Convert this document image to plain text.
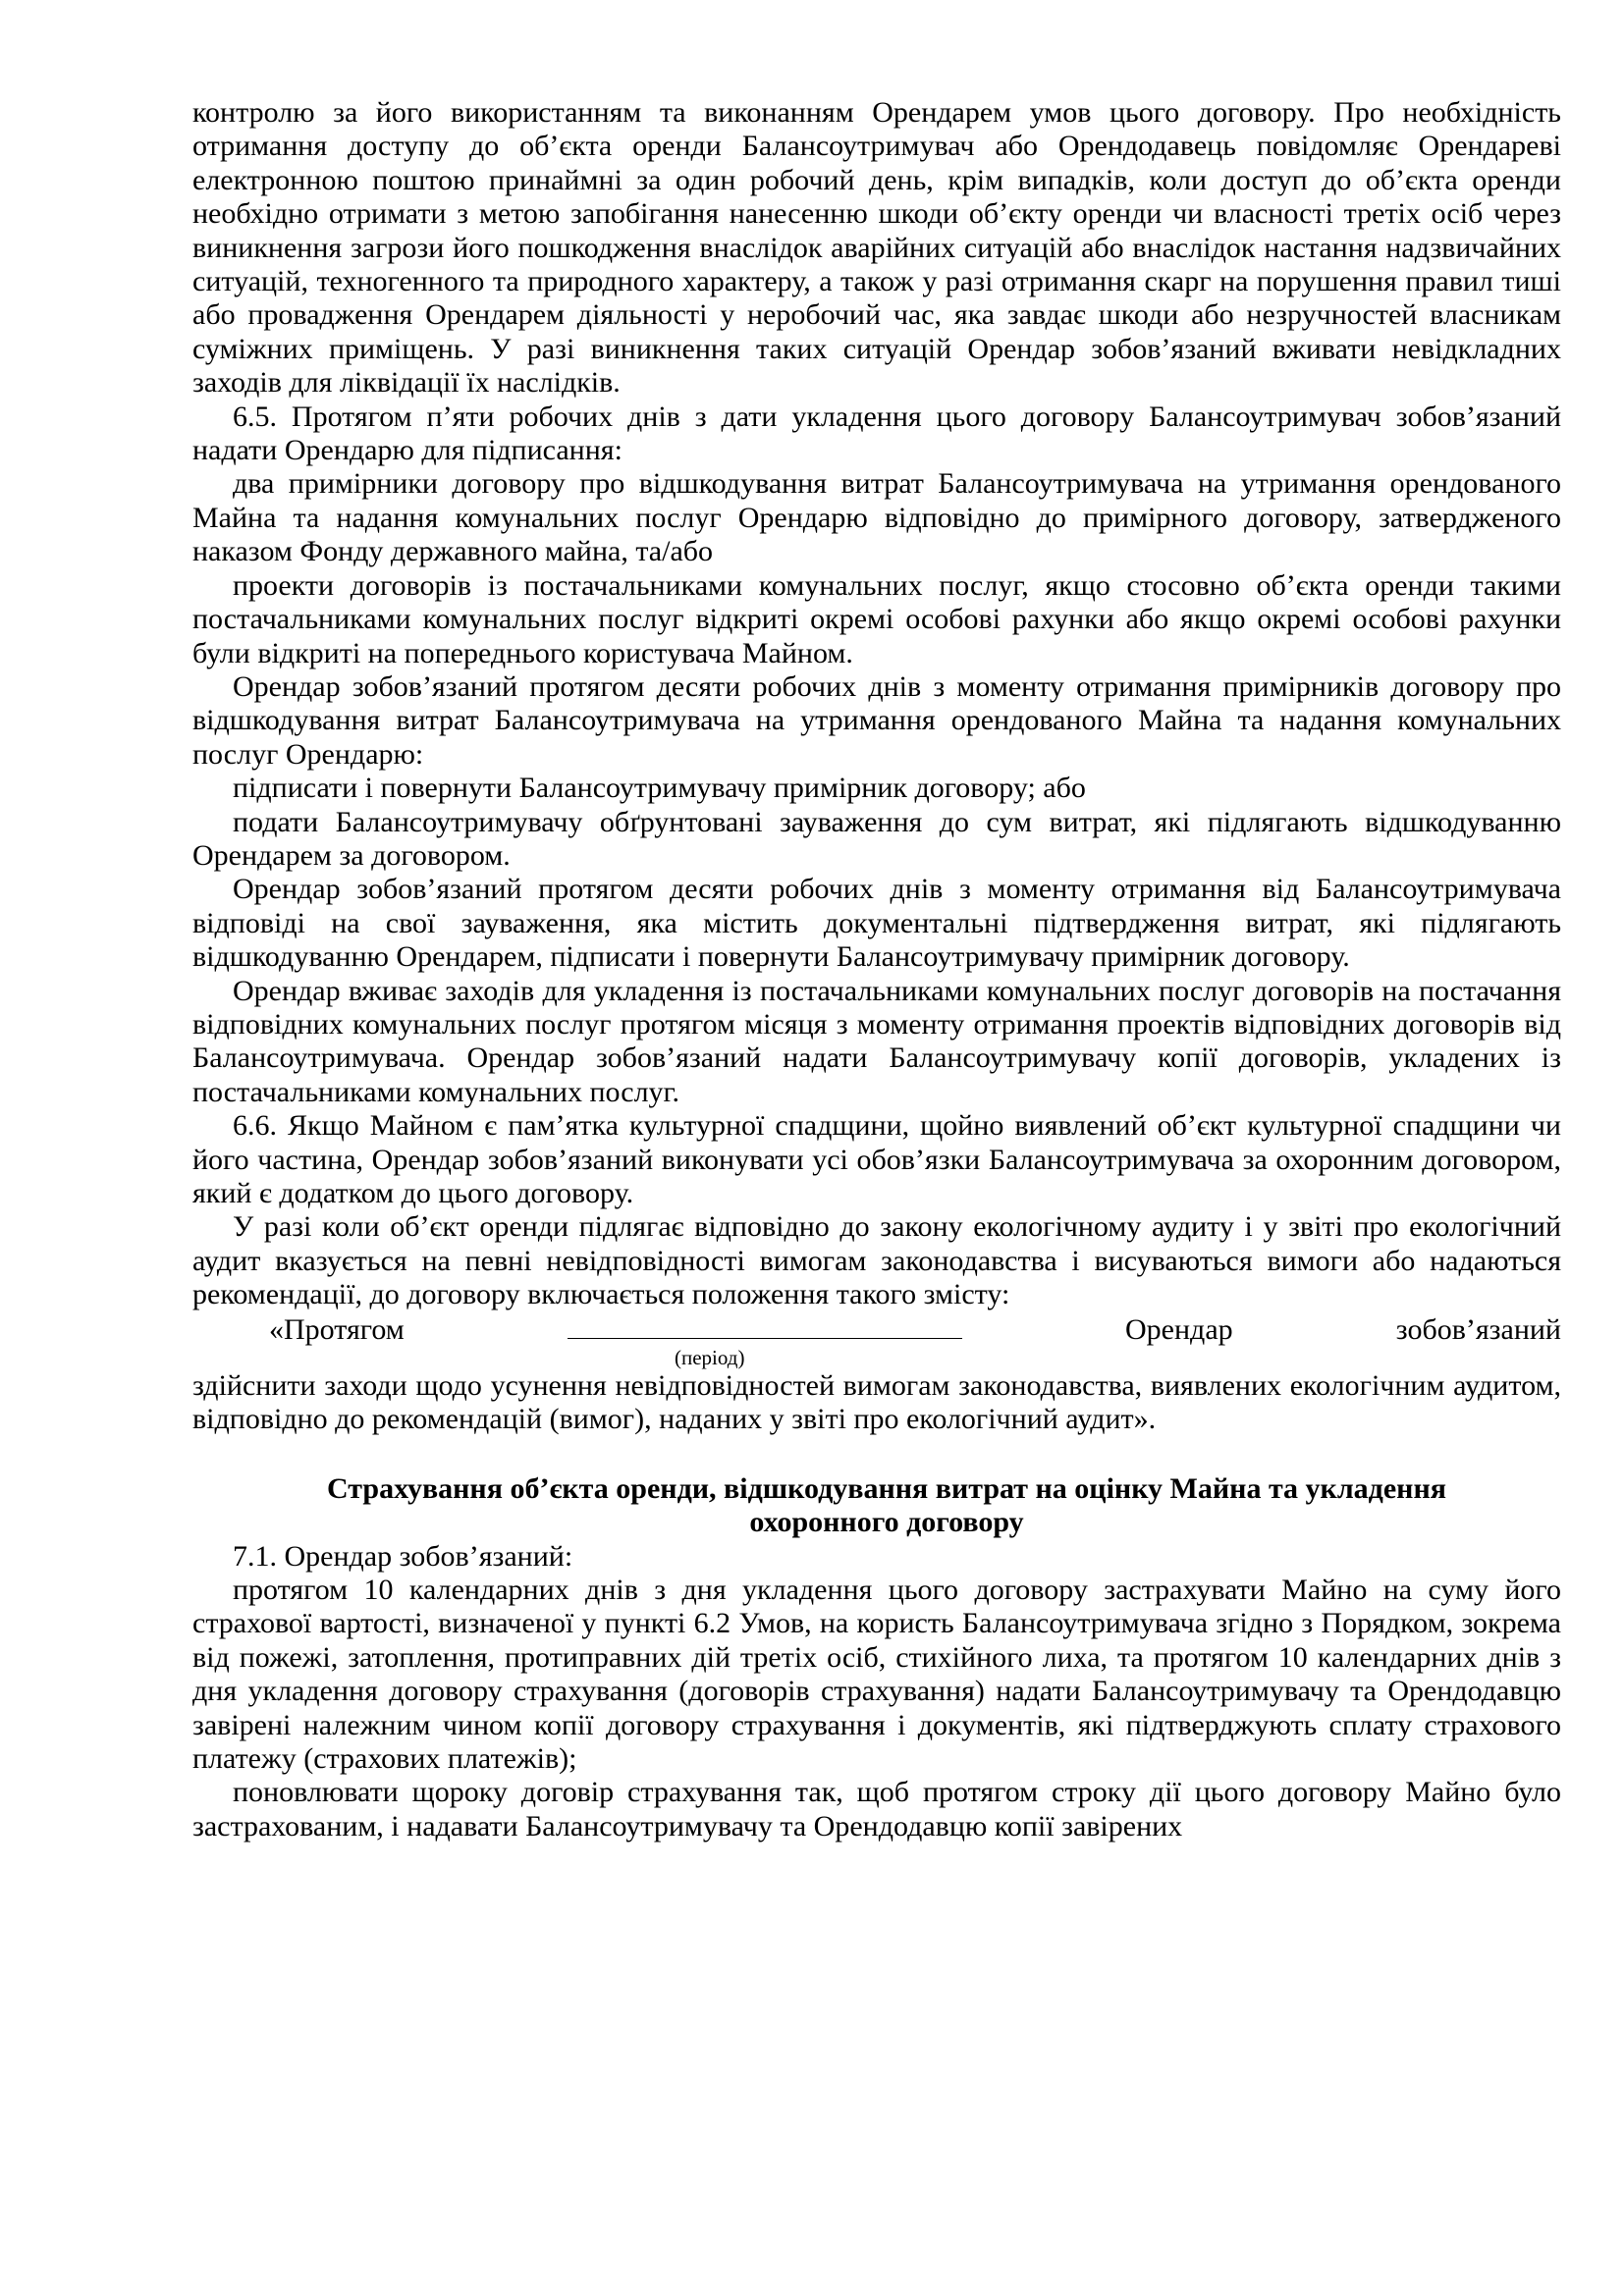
контролю за його використанням та виконанням Орендарем умов цього договору. Про необхідність отримання доступу до об’єкта оренди Балансоутримувач або Орендодавець повідомляє Орендареві електронною поштою принаймні за один робочий день, крім випадків, коли доступ до об’єкта оренди необхідно отримати з метою запобігання нанесенню шкоди об’єкту оренди чи власності третіх осіб через виникнення загрози його пошкодження внаслідок аварійних ситуацій або внаслідок настання надзвичайних ситуацій, техногенного та природного характеру, а також у разі отримання скарг на порушення правил тиші або провадження Орендарем діяльності у неробочий час, яка завдає шкоди або незручностей власникам суміжних приміщень. У разі виникнення таких ситуацій Орендар зобов’язаний вживати невідкладних заходів для ліквідації їх наслідків.

6.5. Протягом п’яти робочих днів з дати укладення цього договору Балансоутримувач зобов’язаний надати Орендарю для підписання:

два примірники договору про відшкодування витрат Балансоутримувача на утримання орендованого Майна та надання комунальних послуг Орендарю відповідно до примірного договору, затвердженого наказом Фонду державного майна, та/або

проекти договорів із постачальниками комунальних послуг, якщо стосовно об’єкта оренди такими постачальниками комунальних послуг відкриті окремі особові рахунки або якщо окремі особові рахунки були відкриті на попереднього користувача Майном.

Орендар зобов’язаний протягом десяти робочих днів з моменту отримання примірників договору про відшкодування витрат Балансоутримувача на утримання орендованого Майна та надання комунальних послуг Орендарю:

підписати і повернути Балансоутримувачу примірник договору; або

подати Балансоутримувачу обґрунтовані зауваження до сум витрат, які підлягають відшкодуванню Орендарем за договором.

Орендар зобов’язаний протягом десяти робочих днів з моменту отримання від Балансоутримувача відповіді на свої зауваження, яка містить документальні підтвердження витрат, які підлягають відшкодуванню Орендарем, підписати і повернути Балансоутримувачу примірник договору.

Орендар вживає заходів для укладення із постачальниками комунальних послуг договорів на постачання відповідних комунальних послуг протягом місяця з моменту отримання проектів відповідних договорів від Балансоутримувача. Орендар зобов’язаний надати Балансоутримувачу копії договорів, укладених із постачальниками комунальних послуг.

6.6. Якщо Майном є пам’ятка культурної спадщини, щойно виявлений об’єкт культурної спадщини чи його частина, Орендар зобов’язаний виконувати усі обов’язки Балансоутримувача за охоронним договором, який є додатком до цього договору.

У разі коли об’єкт оренди підлягає відповідно до закону екологічному аудиту і у звіті про екологічний аудит вказується на певні невідповідності вимогам законодавства і висуваються вимоги або надаються рекомендації, до договору включається положення такого змісту:

«Протягом	Орендар	зобов’язаний

(період)

здійснити заходи щодо усунення невідповідностей вимогам законодавства, виявлених екологічним аудитом, відповідно до рекомендацій (вимог), наданих у звіті про екологічний аудит».

Страхування об’єкта оренди, відшкодування витрат на оцінку Майна та укладення охоронного договору

7.1. Орендар зобов’язаний:

протягом 10 календарних днів з дня укладення цього договору застрахувати Майно на суму його страхової вартості, визначеної у пункті 6.2 Умов, на користь Балансоутримувача згідно з Порядком, зокрема від пожежі, затоплення, протиправних дій третіх осіб, стихійного лиха, та протягом 10 календарних днів з дня укладення договору страхування (договорів страхування) надати Балансоутримувачу та Орендодавцю завірені належним чином копії договору страхування і документів, які підтверджують сплату страхового платежу (страхових платежів);

поновлювати щороку договір страхування так, щоб протягом строку дії цього договору Майно було застрахованим, і надавати Балансоутримувачу та Орендодавцю копії завірених
